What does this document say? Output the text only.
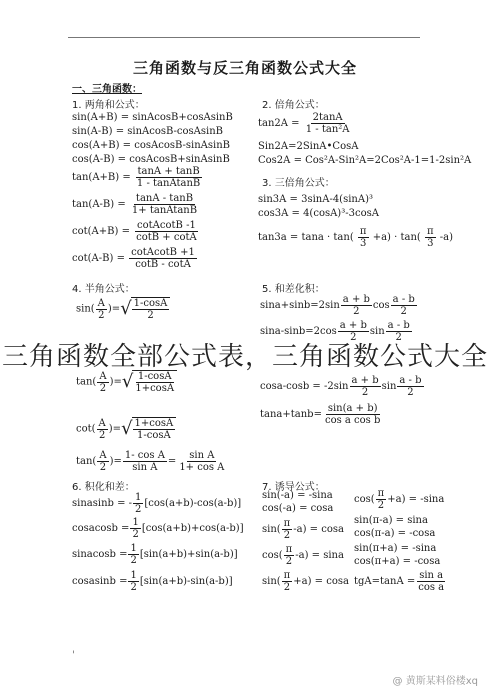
三角函数与反三角函数公式大全
一、三角函数：
1. 两角和公式：	2. 倍角公式：
3. 三倍角公式：
4. 半角公式：	5. 和差化积：
6. 积化和差：	7. 诱导公式：
sin(A+B) = sinAcosB+cosAsinB
sin(A-B) = sinAcosB-cosAsinB
cos(A+B) = cosAcosB-sinAsinB
cos(A-B) = cosAcosB+sinAsinB
$\tan(A+B) = \frac{\tan A + \tan B}{\text{1 - tanAtanB}}$
$\tan(A-B) = \frac{\tan A - \tan B}{\text{1+ tanAtanB}}$
$\cot(A+B) = \frac{\text{cotAcotB -1}}{\cot B + \cot A}$
$\cot(A-B) = \frac{\text{cotAcotB +1}}{\cot B - \cot A}$
$\tan 2A = \frac{2\tan A}{\text{1 - tan²A}}$
Sin2A=2SinA•CosA
Cos2A = Cos²A-Sin²A=2Cos²A-1=1-2sin²A
sin3A = 3sinA-4(sinA)³
cos3A = 4(cosA)³-3cosA
$\tan 3a = \tan a \cdot \tan( \frac{\pi}{3} +a) \cdot \tan( \frac{\pi}{3} -a)$
$\sin( \frac{A}{2}$ )= √ $\frac{1-\cos A}{2}$
$\tan( \frac{A}{2}$ )= √ $\frac{1-\cos A}{1+\cos A}$
$\cot( \frac{A}{2}$ )= √ $\frac{1+\cos A}{1-\cos A}$
$\tan( \frac{A}{2}$ )= $\frac{\text{1- cos A}}{\text{sin A}} = \frac{\text{sin A}}{\text{1+ cos A}}$
$\sin a+\sin b=2\sin \frac{a + b}{2}$ $\cos \frac{a - b}{2}$
$\sin a-\sin b=2\cos \frac{a + b}{2}$ $\sin \frac{a - b}{2}$
$\cos a-\cos b = -2\sin \frac{a + b}{2}$ $\sin \frac{a - b}{2}$
$\tan a+\tan b= \frac{\sin(a + b)}{\text{cos a cos b}}$
sinasinb = - $\frac{1}{2} [\cos(a+b)-\cos(a-b)]$
cosacosb = $\frac{1}{2} [\cos(a+b)+\cos(a-b)]$
sinacosb = $\frac{1}{2} [\sin(a+b)+\sin(a-b)]$
cosasinb = $\frac{1}{2} [\sin(a+b)-\sin(a-b)]$
sin(-a) = -sina
cos(-a) = cosa
$\sin( \frac{\pi}{2} -a) = \cos a$
$\cos( \frac{\pi}{2} -a) = \sin a$
$\sin( \frac{\pi}{2} +a) = \cos a$
$\cos( \frac{\pi}{2} +a) = -\sin a$
sin(π-a) = sina
cos(π-a) = -cosa
sin(π+a) = -sina
cos(π+a) = -cosa
$tgA=\tan A = \frac{\text{sin a}}{\text{cos a}}$
'
三角函数全部公式表，三角函数公式大全
@ 黄斯某料俗楼xq
